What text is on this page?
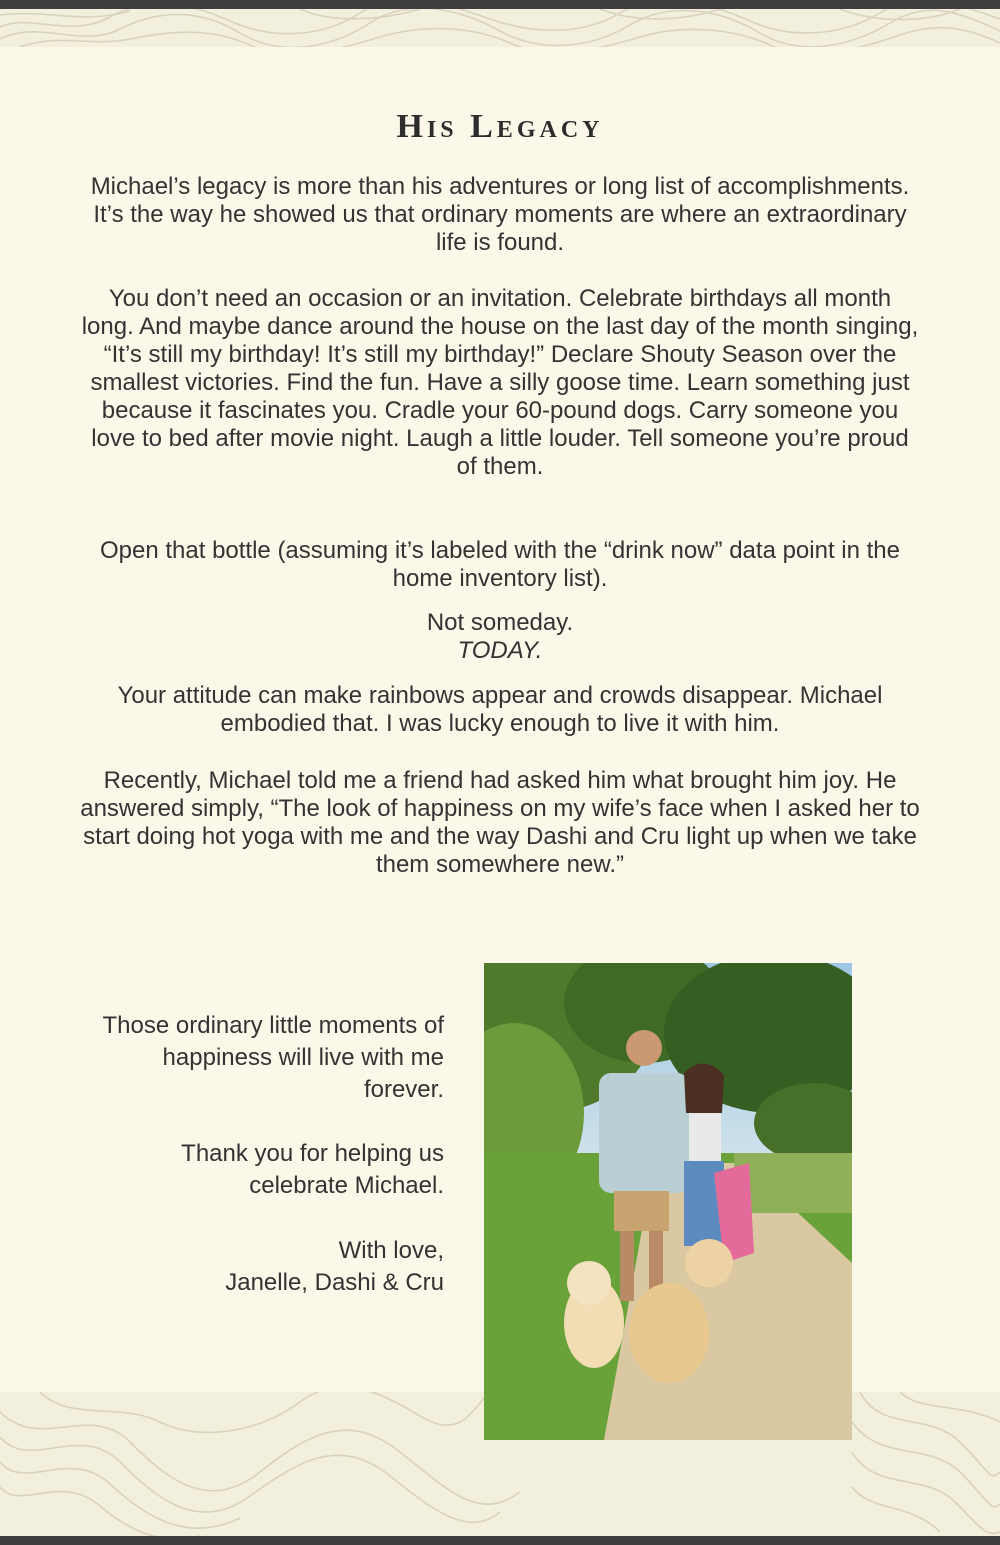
His Legacy

Michael’s legacy is more than his adventures or long list of accomplishments. It’s the way he showed us that ordinary moments are where an extraordinary life is found.

You don’t need an occasion or an invitation. Celebrate birthdays all month long. And maybe dance around the house on the last day of the month singing, “It’s still my birthday! It’s still my birthday!” Declare Shouty Season over the smallest victories. Find the fun. Have a silly goose time. Learn something just because it fascinates you. Cradle your 60-pound dogs. Carry someone you love to bed after movie night. Laugh a little louder. Tell someone you’re proud of them.

Open that bottle (assuming it’s labeled with the “drink now” data point in the home inventory list).

Not someday.
TODAY.

Your attitude can make rainbows appear and crowds disappear. Michael embodied that. I was lucky enough to live it with him.

Recently, Michael told me a friend had asked him what brought him joy. He answered simply, “The look of happiness on my wife’s face when I asked her to start doing hot yoga with me and the way Dashi and Cru light up when we take them somewhere new.”

Those ordinary little moments of happiness will live with me forever.

Thank you for helping us celebrate Michael.

With love,
Janelle, Dashi & Cru
